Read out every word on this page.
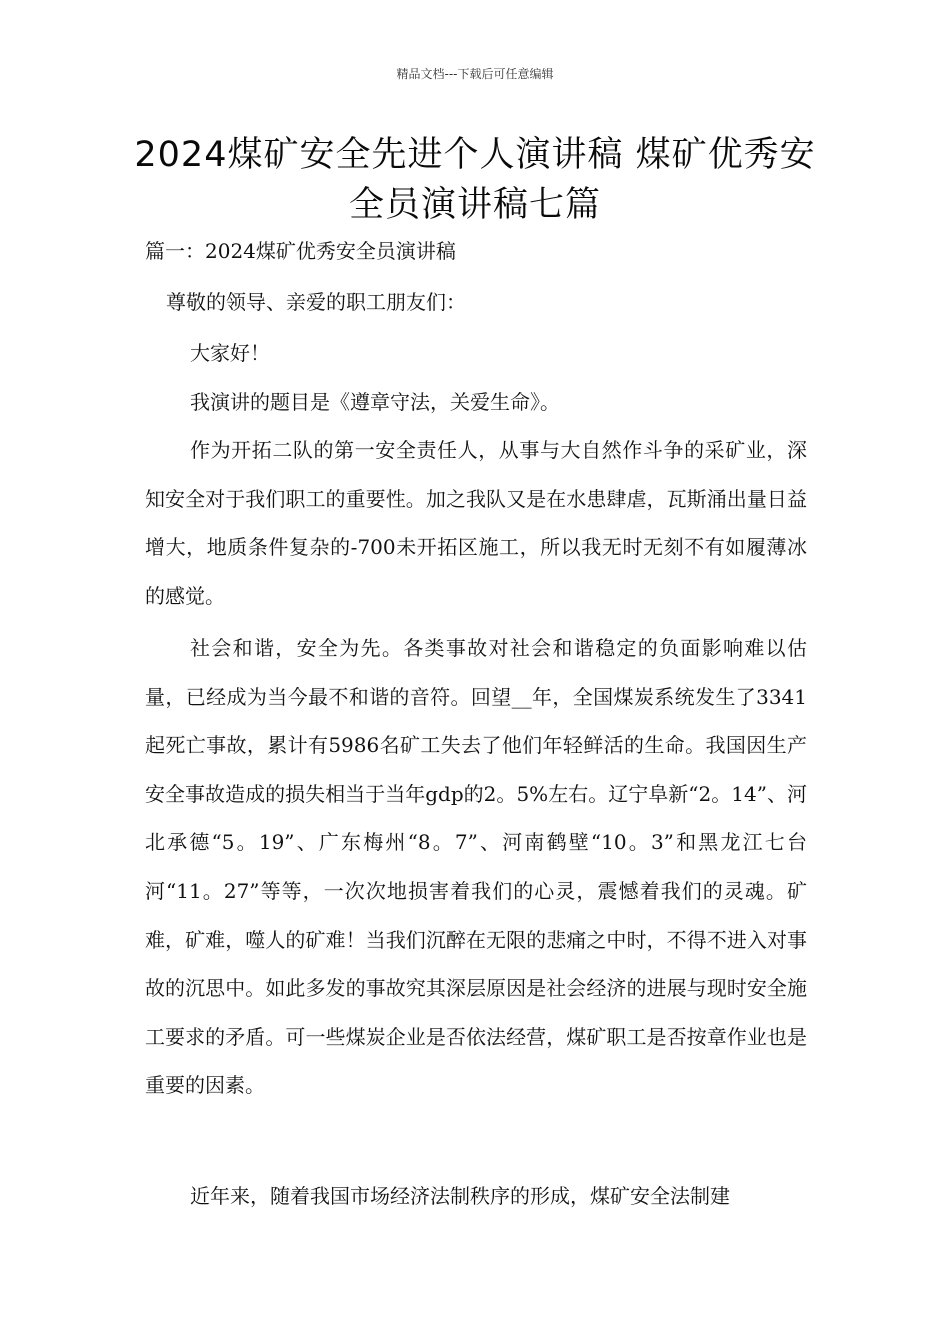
精品文档---下载后可任意编辑
2024煤矿安全先进个人演讲稿 煤矿优秀安全员演讲稿七篇
篇一：2024煤矿优秀安全员演讲稿

尊敬的领导、亲爱的职工朋友们：

大家好！

我演讲的题目是《遵章守法，关爱生命》。

作为开拓二队的第一安全责任人，从事与大自然作斗争的采矿业，深知安全对于我们职工的重要性。加之我队又是在水患肆虐，瓦斯涌出量日益增大，地质条件复杂的-700未开拓区施工，所以我无时无刻不有如履薄冰的感觉。

社会和谐，安全为先。各类事故对社会和谐稳定的负面影响难以估量，已经成为当今最不和谐的音符。回望__年，全国煤炭系统发生了3341起死亡事故，累计有5986名矿工失去了他们年轻鲜活的生命。我国因生产安全事故造成的损失相当于当年gdp的2。5%左右。辽宁阜新“2。14”、河北承德“5。19”、广东梅州“8。7”、河南鹤壁“10。3”和黑龙江七台河“11。27”等等，一次次地损害着我们的心灵，震憾着我们的灵魂。矿难，矿难，噬人的矿难！当我们沉醉在无限的悲痛之中时，不得不进入对事故的沉思中。如此多发的事故究其深层原因是社会经济的进展与现时安全施工要求的矛盾。可一些煤炭企业是否依法经营，煤矿职工是否按章作业也是重要的因素。

近年来，随着我国市场经济法制秩序的形成，煤矿安全法制建
